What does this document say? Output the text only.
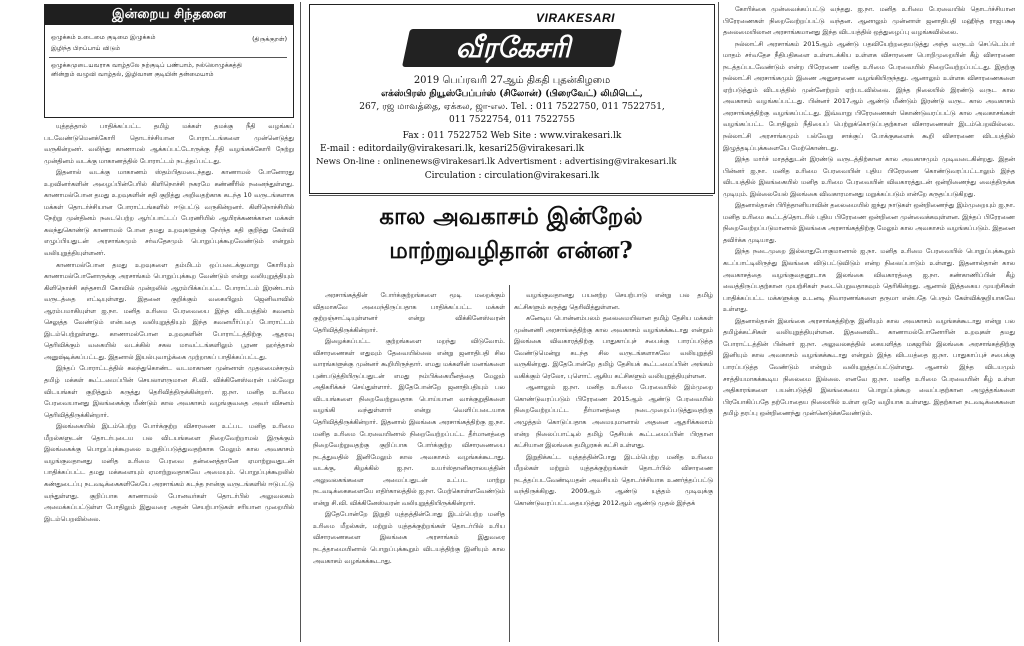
இன்றைய சிந்தனை
ஒழுக்கம் உடைமை குடிமை இழுக்கம்
இழிந்த பிறப்பாய் விடும்
(திருக்குறள்)
ஒழுக்கமுடையவராக வாழ்தலே நற்குடிப் பண்பாம், நல்லொழுக்கத்தி
னின்றும் வழுவி வாழ்தல், இழிவான குடியின் தன்மையாம்
VIRAKESARI
வீரகேசரி
2019 பெப்ரவரி 27ஆம் திகதி புதன்கிழமை
எக்ஸ்பிரஸ் நியூஸ்பேப்பர்ஸ் (சிலோன்) (பிரைவேட்) லிமிடெட்,
267, ரஜ மாவத்தை, ஏக்கல, ஜா-எல. Tel. : 011 7522750, 011 7522751,
011 7522754, 011 7522755
Fax : 011 7522752 Web Site : www.virakesari.lk
E-mail : editordaily@virakesari.lk, kesari25@virakesari.lk
News On-line : onlinenews@virakesari.lk Advertisment : advertising@virakesari.lk
Circulation : circulation@virakesari.lk
கால அவகாசம் இன்றேல்
மாற்றுவழிதான் என்ன?

யுத்தத்தால் பாதிக்கப்பட்ட தமிழ் மக்கள் தமக்கு நீதி வழங்கப் படவேண்டுமெனக்கோரி தொடர்ச்சியான போராட்டங்களை முன்னெடுத்து வருகின்றனர். வலிந்து காணாமல் ஆக்கப்பட்டோருக்கு நீதி வழங்கக்கோரி நேற்று முன்தினம் வடக்கு மாகாணத்தில் போராட்டம் நடத்தப்பட்டது.

இதனால் வடக்கு மாகாணம் ஸ்தம்பிதமடைந்தது. காணாமல் போனோரது உறவினர்களின் அழைப்பின்பேரில் கிளிநொச்சி நகரமே கண்ணீரில் நனைந்துள்ளது. காணாமல்போன தமது உறவுகளின் கதி குறித்து அறிவதற்காக கடந்த 10 வருடங்களாக மக்கள் தொடர்ச்சியான போராட்டங்களில் ஈடுபட்டு வருகின்றனர். கிளிநொச்சியில் நேற்று முன்தினம் நடைபெற்ற ஆர்ப்பாட்டப் பேரணியில் ஆயிரக்கணக்கான மக்கள் கலந்துகொண்டு காணாமல் போன தமது உறவுகளுக்கு நேர்ந்த கதி குறித்து கேள்வி எழுப்பியதுடன் அரசாங்கமும் சர்வதேசமும் பொறுப்புக்கூறவேண்டும் என்றும் வலியுறுத்தியுள்ளனர்.

காணாமல்போன தமது உறவுகளை தம்மிடம் ஒப்படைக்குமாறு கோரியும் காணாமல்போனோருக்கு அரசாங்கம் பொறுப்புக்கூற வேண்டும் என்று வலியுறுத்தியும் கிளிநொச்சி கந்தசாமி கோவில் முன்றலில் ஆரம்பிக்கப்பட்ட போராட்டம் இரண்டாம் வருடத்தை எட்டியுள்ளது. இதனை குறிக்கும் வகையிலும் ஜெனிவாவில் ஆரம்பமாகியுள்ள ஐ.நா. மனித உரிமை பேரவையை இந்த விடயத்தில் கவனம் செலுத்த வேண்டும் என்பதை வலியுறுத்தியும் இந்த கவனயீர்ப்புப் போராட்டம் இடம்பெற்றுள்ளது. காணாமல்போன உறவுகளின் போராட்டத்திற்கு ஆதரவு தெரிவிக்கும் வகையில் வடக்கில் சகல மாவட்டங்களிலும் பூரண ஹர்த்தால் அனுஷ்டிக்கப்பட்டது. இதனால் இயல்புவாழ்க்கை முற்றாகப் பாதிக்கப்பட்டது.

இந்தப் போராட்டத்தில் கலந்துகொண்ட வடமாகாண முன்னாள் முதலமைச்சரும் தமிழ் மக்கள் கூட்டமைப்பின் செயலாளருமான சி.வி. விக்கினேஸ்வரன் பல்வேறு விடயங்கள் குறித்தும் கருத்து தெரிவித்திருக்கின்றார். ஐ.நா. மனித உரிமை பேரவையானது இலங்கைக்கு மீண்டும் கால அவகாசம் வழங்குவதை அவர் விசனம் தெரிவித்திருக்கின்றார்.

இலங்கையில் இடம்பெற்ற போர்க்குற்ற விசாரணை உட்பட மனித உரிமை மீறல்களுடன் தொடர்புடைய பல விடயங்களை நிறைவேற்றாமல் இருக்கும் இலங்கைக்கு பொறுப்புக்கூறலை உறுதிப்படுத்துவதற்காக மேலும் கால அவகாசம் வழங்குவதானது மனித உரிமை பேரவை தன்னைத்தானே ஏமாற்றுவதுடன் பாதிக்கப்பட்ட தமது மக்களையும் ஏமாற்றுவதாகவே அமையும். பொறுப்புக்கூறலில் கண்துடைப்பு நடவடிக்கைகளிலேயே அரசாங்கம் கடந்த நான்கு வருடங்களில் ஈடுபட்டு வந்துள்ளது. குறிப்பாக காணாமல் போனவர்கள் தொடர்பில் அலுவலகம் அமைக்கப்பட்டுள்ள போதிலும் இதுவரை அதன் செயற்பாடுகள் சரியான முறையில் இடம்பெறவில்லை.

அரசாங்கத்தின் போர்க்குற்றங்களை மூடி மறைக்கும் விதமாகவே அமைந்திருப்பதாக பாதிக்கப்பட்ட மக்கள் குற்றஞ்சாட்டியுள்ளனர் என்று விக்கினேஸ்வரன் தெரிவித்திருக்கின்றார்.

இழைக்கப்பட்ட குற்றங்களை மறந்து விடுவோம். விசாரணைகள் எதுவும் தேவையில்லை என்று ஜனாதிபதி சில வாரங்களுக்கு முன்னர் கூறியிருந்தார். எமது மக்களின் மனங்களை புண்படுத்தியிருப்பதுடன் எமது நம்பிக்கையீனத்தை மேலும் அதிகரிக்கச் செய்துள்ளார். இதேபோன்றே ஜனாதிபதியும் பல விடயங்களை நிறைவேற்றுவதாக பொய்யான வாக்குறுதிகளை வழங்கி வந்துள்ளார் என்று வெளிப்படையாக தெரிவித்திருக்கின்றார். இதனால் இலங்கை அரசாங்கத்திற்கு ஐ.நா. மனித உரிமை பேரவையினால் நிறைவேற்றப்பட்ட தீர்மானத்தை நிறைவேற்றுவதற்கு குறிப்பாக போர்க்குற்ற விசாரணையை நடத்துவதில் இனிமேலும் கால அவகாசம் வழங்கக்கூடாது. வடக்கு, கிழக்கில் ஐ.நா. உயர்ஸ்தானிகராலயத்தின் அலுவலகங்களை அமைப்பதுடன் உட்பட மாற்று நடவடிக்கைகளையே எதிர்காலத்தில் ஐ.நா. மேற்கொள்ளவேண்டும் என்று சி.வி. விக்கினேஸ்வரன் வலியுறுத்தியிருக்கின்றார்.

இதேபோன்றே இறுதி யுத்தத்தின்போது இடம்பெற்ற மனித உரிமை மீறல்கள், மற்றும் யுத்தக்குற்றங்கள் தொடர்பில் உரிய விசாரணைகளை இலங்கை அரசாங்கம் இதுவரை நடத்தாமையினால் பொறுப்புக்கூறும் விடயத்திற்கு இனியும் கால அவகாசம் வழங்கக்கூடாது.

வழங்குவதானது பயனற்ற செயற்பாடு என்று பல தமிழ் கட்சிகளும் கருத்து தெரிவித்துள்ளன.

கனேடிய பொன்னம்பலம் தலைமையிலான தமிழ் தேசிய மக்கள் முன்னணி அரசாங்கத்திற்கு கால அவகாசம் வழங்கக்கூடாது என்றும் இலங்கை விவகாரத்திற்கு பாதுகாப்புச் சபைக்கு பாரப்படுத்த வேண்டுமென்று கடந்த சில வருடங்களாகவே வலியுறுத்தி வருகின்றது. இதேபோன்றே தமிழ் தேசியக் கூட்டமைப்பின் அங்கம் வகிக்கும் ரெலோ, புளொட் ஆகிய கட்சிகளும் வலியுறுத்தியுள்ளன.

ஆனாலும் ஐ.நா. மனித உரிமை பேரவையில் இம்முறை கொண்டுவரப்படும் பிரேரணை 2015ஆம் ஆண்டு பேரவையில் நிறைவேற்றப்பட்ட தீர்மானத்தை நடைமுறைப்படுத்துவதற்கு அழுத்தம் கொடுப்பதாக அமையுமானால் அதனை ஆதரிக்கலாம் என்ற நிலைப்பாட்டில் தமிழ் தேசியக் கூட்டமைப்பின் பிரதான கட்சியான இலங்கை தமிழரசுக் கட்சி உள்ளது.

இறுதிக்கட்ட யுத்தத்தின்போது இடம்பெற்ற மனித உரிமை மீறல்கள் மற்றும் யுத்தக்குற்றங்கள் தொடர்பில் விசாரணை நடத்தப்படவேண்டியதன் அவசியம் தொடர்ச்சியாக உணர்த்தப்பட்டு வந்திருக்கிறது. 2009ஆம் ஆண்டு யுத்தம் முடிவுக்கு கொண்டுவரப்பட்டதையடுத்து 2012ஆம் ஆண்டு முதல் இந்தக்

கோரிக்கை முன்வைக்கப்பட்டு வந்தது. ஐ.நா. மனித உரிமை பேரவையில் தொடர்ச்சியான பிரேரணைகள் நிறைவேற்றப்பட்டு வந்தன. ஆனாலும் முன்னாள் ஜனாதிபதி மஹிந்த ராஜபக்ஷ தலைமையிலான அரசாங்கமானது இந்த விடயத்தில் ஒத்துழைப்பு வழங்கவில்லை.

நல்லாட்சி அரசாங்கம் 2015ஆம் ஆண்டு பதவியேற்றதையடுத்து அந்த வருடம் செப்டெம்பர் மாதம் சர்வதேச நீதிபதிகளை உள்ளடக்கிய உள்ளக விசாரணை பொறிமுறையின் கீழ் விசாரணை நடத்தப்படவேண்டும் என்ற பிரேரணை மனித உரிமை பேரவையில் நிறைவேற்றப்பட்டது. இதற்கு நல்லாட்சி அரசாங்கமும் இணை அனுசரணை வழங்கியிருந்தது. ஆனாலும் உள்ளக விசாரணைகளை ஏற்படுத்தும் விடயத்தில் முன்னேற்றம் ஏற்படவில்லை. இந்த நிலையில் இரண்டு வருட கால அவகாசம் வழங்கப்பட்டது. பின்னர் 2017ஆம் ஆண்டு மீண்டும் இரண்டு வருட கால அவகாசம் அரசாங்கத்திற்கு வழங்கப்பட்டது. இவ்வாறு பிரேரணைகள் கொண்டுவரப்பட்டு கால அவகாசங்கள் வழங்கப்பட்ட போதிலும் நீதியைப் பெற்றுக்கொடுப்பதற்கான விசாரணைகள் இடம்பெறவில்லை. நல்லாட்சி அரசாங்கமும் பல்வேறு சாக்குப் போக்குகளைக் கூறி விசாரணை விடயத்தில் இழுத்தடிப்புக்களையே மேற்கொண்டது.

இந்த மார்ச் மாதத்துடன் இரண்டு வருடத்திற்கான கால அவகாசமும் முடிவடைகின்றது. இதன் பின்னர் ஐ.நா. மனித உரிமை பேரவையின் புதிய பிரேரணை கொண்டுவரப்பட்டாலும் இந்த விடயத்தில் இலங்கையில் மனித உரிமை பேரவையின் விவகாரத்துடன் ஒன்றிணைந்து வைத்திருக்க முடியும். இல்லையேல் இலங்கை விவகாரமானது மறுக்கப்படும் என்றே கருதப்படுகிறது.

இதனால்தான் பிரித்தானியாவின் தலைமையில் ஐந்து நாடுகள் ஒன்றிணைந்து இம்முறையும் ஐ.நா. மனித உரிமை கூட்டத்தொடரில் புதிய பிரேரணை ஒன்றினை முன்வைக்கவுள்ளன. இந்தப் பிரேரணை நிறைவேற்றப்படுமானால் இலங்கை அரசாங்கத்திற்கு மேலும் கால அவகாசம் வழங்கப்படும். இதனை தவிர்க்க முடியாது.

இந்த நடைமுறை இல்லாதுபோகுமானால் ஐ.நா. மனித உரிமை பேரவையில் பொறுப்புக்கூறும் கடப்பாட்டிலிருந்து இலங்கை விடுபட்டுவிடும் என்ற நிலைப்பாடும் உள்ளது. இதனால்தான் கால அவகாசத்தை வழங்குவதனூடாக இலங்கை விவகாரத்தை ஐ.நா. கண்காணிப்பின் கீழ் வைத்திருப்பதற்கான முயற்சிகள் நடைபெறுவதாகவும் தெரிகின்றது. ஆனால் இத்தகைய முயற்சிகள் பாதிக்கப்பட்ட மக்களுக்கு உடனடி நிவாரணங்களை தருமா என்பதே பெரும் கேள்விக்குறியாகவே உள்ளது.

இதனால்தான் இலங்கை அரசாங்கத்திற்கு இனியும் கால அவகாசம் வழங்கக்கூடாது என்று பல தமிழ்க்கட்சிகள் வலியுறுத்தியுள்ளன. இதனைவிட காணாமல்போனோரின் உறவுகள் தமது போராட்டத்தின் பின்னர் ஐ.நா. அலுவலகத்தில் கையளித்த மகஜரில் இலங்கை அரசாங்கத்திற்கு இனியும் கால அவகாசம் வழங்கக்கூடாது என்றும் இந்த விடயத்தை ஐ.நா. பாதுகாப்புச் சபைக்கு பாரப்படுத்த வேண்டும் என்றும் வலியுறுத்தப்பட்டுள்ளது. ஆனால் இந்த விடயமும் சாத்தியமாகக்கூடிய நிலைமை இல்லை. எனவே ஐ.நா. மனித உரிமை பேரவையின் கீழ் உள்ள அதிகாரங்களை பயன்படுத்தி இலங்கையை பொறுப்புக்கூற வைப்பதற்கான அழுத்தங்களை பிரயோகிப்பதே தற்போதைய நிலையில் உள்ள ஒரே வழியாக உள்ளது. இதற்கான நடவடிக்கைகளை தமிழ் தரப்பு ஒன்றிணைந்து முன்னெடுக்கவேண்டும்.
